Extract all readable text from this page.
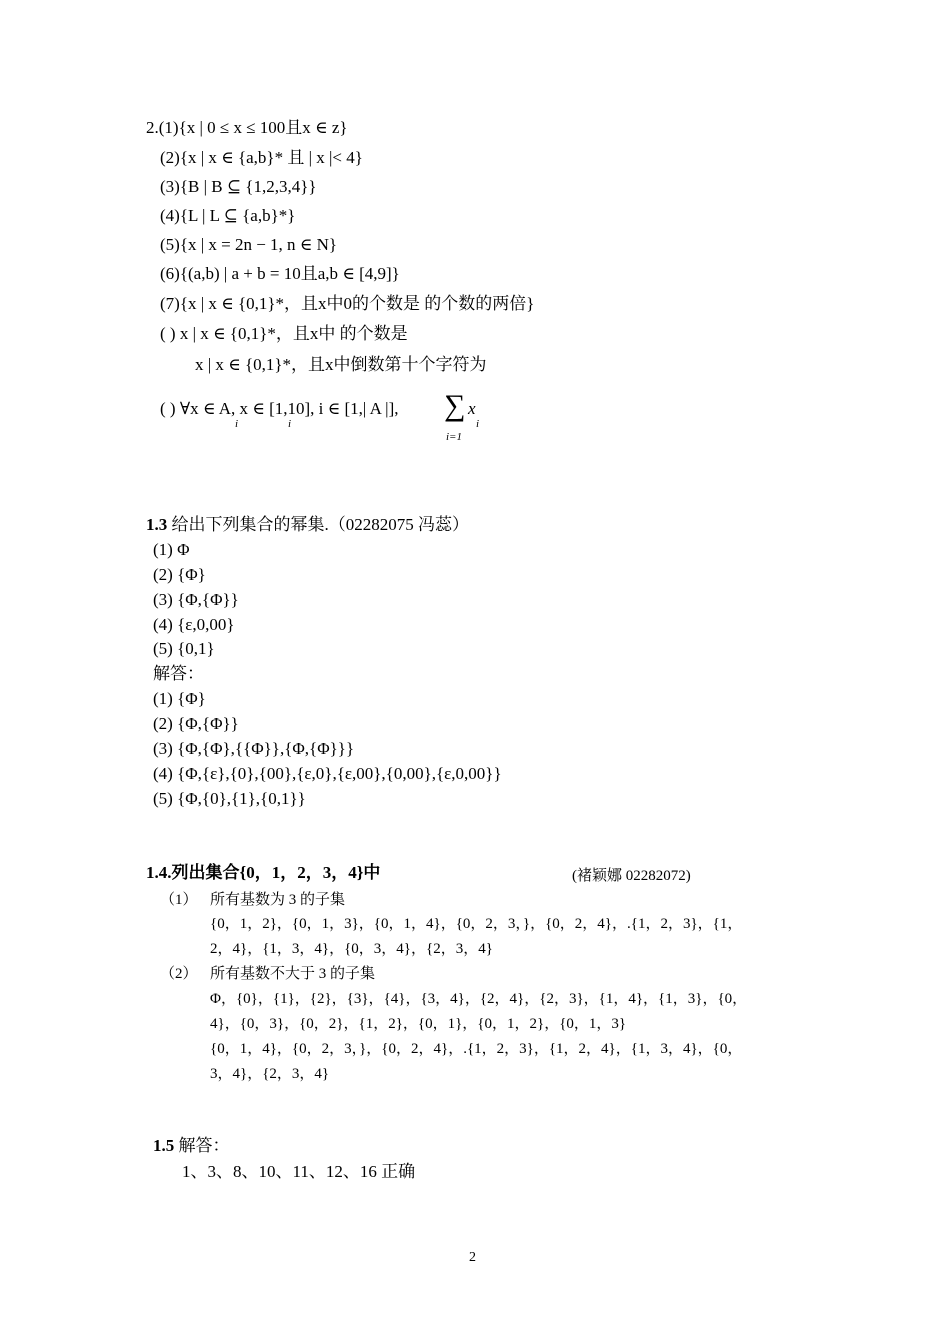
2.(1){x | 0 ≤ x ≤ 100且x ∈ z}
(2){x | x ∈ {a,b}* 且 | x |< 4}
(3){B | B ⊆ {1,2,3,4}}
(4){L | L ⊆ {a,b}*}
(5){x | x = 2n − 1, n ∈ N}
(6){(a,b) | a + b = 10且a,b ∈ [4,9]}
(7){x | x ∈ {0,1}*，且x中0的个数是 的个数的两倍}
( ) x | x ∈ {0,1}*，且x中 的个数是
x | x ∈ {0,1}*，且x中倒数第十个字符为
( ) ∀x ∈ A, x ∈ [1,10], i ∈ [1,| A |],
i	i
∑ x
i
i=1
1.3 给出下列集合的幂集.（02282075 冯蕊）
(1) Φ
(2) {Φ}
(3) {Φ,{Φ}}
(4) {ε,0,00}
(5) {0,1}
解答：
(1) {Φ}
(2) {Φ,{Φ}}
(3) {Φ,{Φ},{{Φ}},{Φ,{Φ}}}
(4) {Φ,{ε},{0},{00},{ε,0},{ε,00},{0,00},{ε,0,00}}
(5) {Φ,{0},{1},{0,1}}
1.4.列出集合{0，1，2，3，4}中	(褚颖娜 02282072)
（1） 所有基数为 3 的子集
{0，1，2}，{0，1，3}，{0，1，4}，{0，2，3，}，{0，2，4}，.{1，2，3}，{1，
2，4}，{1，3，4}，{0，3，4}，{2，3，4}
（2） 所有基数不大于 3 的子集
Φ，{0}，{1}，{2}，{3}，{4}，{3，4}，{2，4}，{2，3}，{1，4}，{1，3}，{0，
4}，{0，3}，{0，2}，{1，2}，{0，1}，{0，1，2}，{0，1，3}
{0，1，4}，{0，2，3，}，{0，2，4}，.{1，2，3}，{1，2，4}，{1，3，4}，{0，
3，4}，{2，3，4}
1.5 解答：
1、3、8、10、11、12、16 正确
2
